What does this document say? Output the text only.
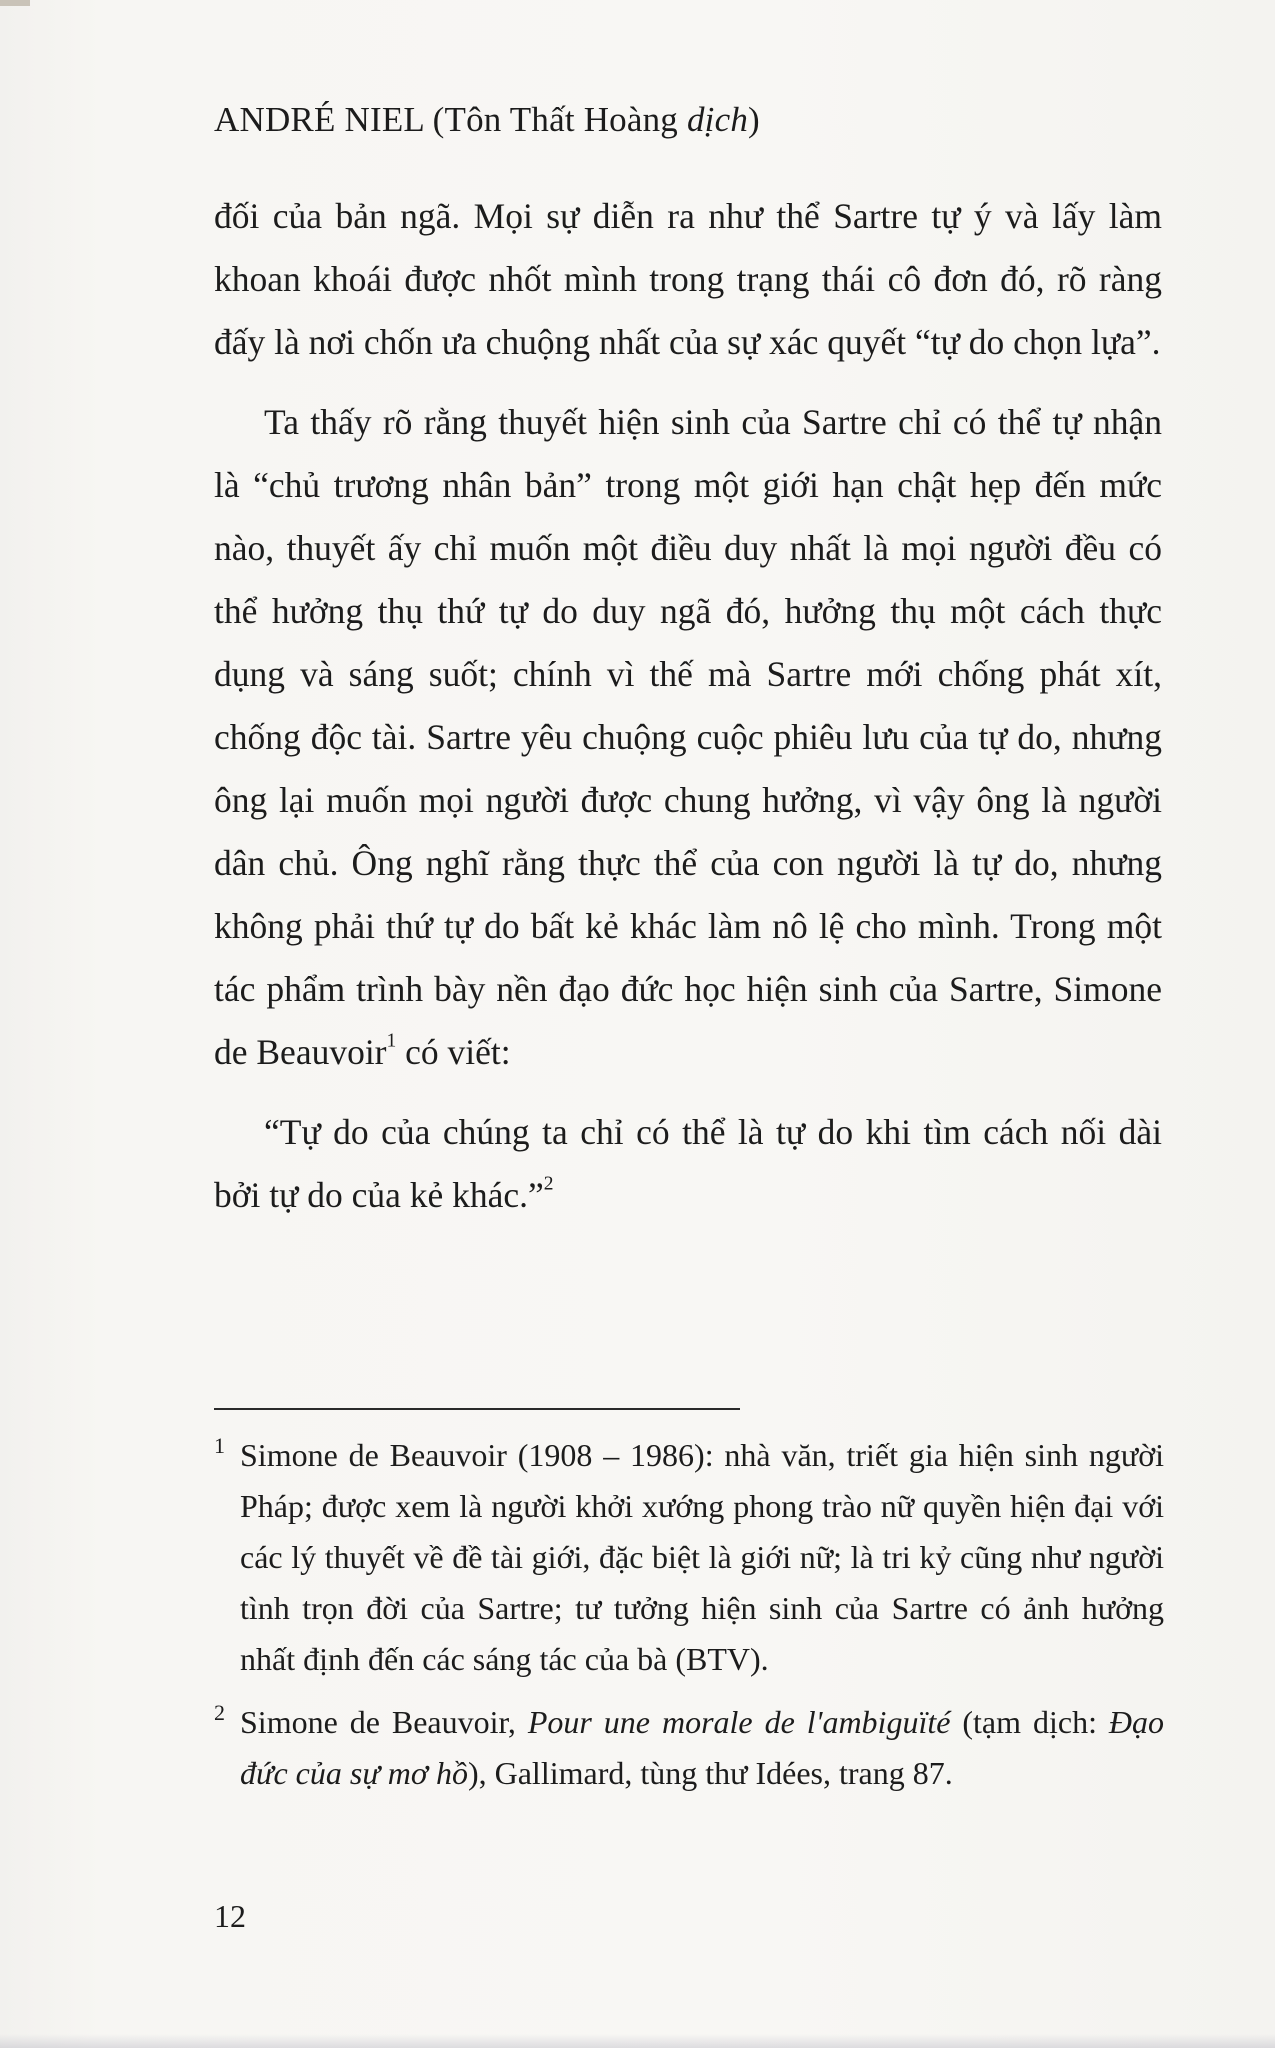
ANDRÉ NIEL (Tôn Thất Hoàng dịch)

đối của bản ngã. Mọi sự diễn ra như thể Sartre tự ý và lấy làm khoan khoái được nhốt mình trong trạng thái cô đơn đó, rõ ràng đấy là nơi chốn ưa chuộng nhất của sự xác quyết “tự do chọn lựa”.

Ta thấy rõ rằng thuyết hiện sinh của Sartre chỉ có thể tự nhận là “chủ trương nhân bản” trong một giới hạn chật hẹp đến mức nào, thuyết ấy chỉ muốn một điều duy nhất là mọi người đều có thể hưởng thụ thứ tự do duy ngã đó, hưởng thụ một cách thực dụng và sáng suốt; chính vì thế mà Sartre mới chống phát xít, chống độc tài. Sartre yêu chuộng cuộc phiêu lưu của tự do, nhưng ông lại muốn mọi người được chung hưởng, vì vậy ông là người dân chủ. Ông nghĩ rằng thực thể của con người là tự do, nhưng không phải thứ tự do bất kẻ khác làm nô lệ cho mình. Trong một tác phẩm trình bày nền đạo đức học hiện sinh của Sartre, Simone de Beauvoir$^1$ có viết:

“Tự do của chúng ta chỉ có thể là tự do khi tìm cách nối dài bởi tự do của kẻ khác.”$^2$

1 Simone de Beauvoir (1908 – 1986): nhà văn, triết gia hiện sinh người Pháp; được xem là người khởi xướng phong trào nữ quyền hiện đại với các lý thuyết về đề tài giới, đặc biệt là giới nữ; là tri kỷ cũng như người tình trọn đời của Sartre; tư tưởng hiện sinh của Sartre có ảnh hưởng nhất định đến các sáng tác của bà (BTV).
2 Simone de Beauvoir, Pour une morale de l'ambiguïté (tạm dịch: Đạo đức của sự mơ hồ), Gallimard, tùng thư Idées, trang 87.
12
